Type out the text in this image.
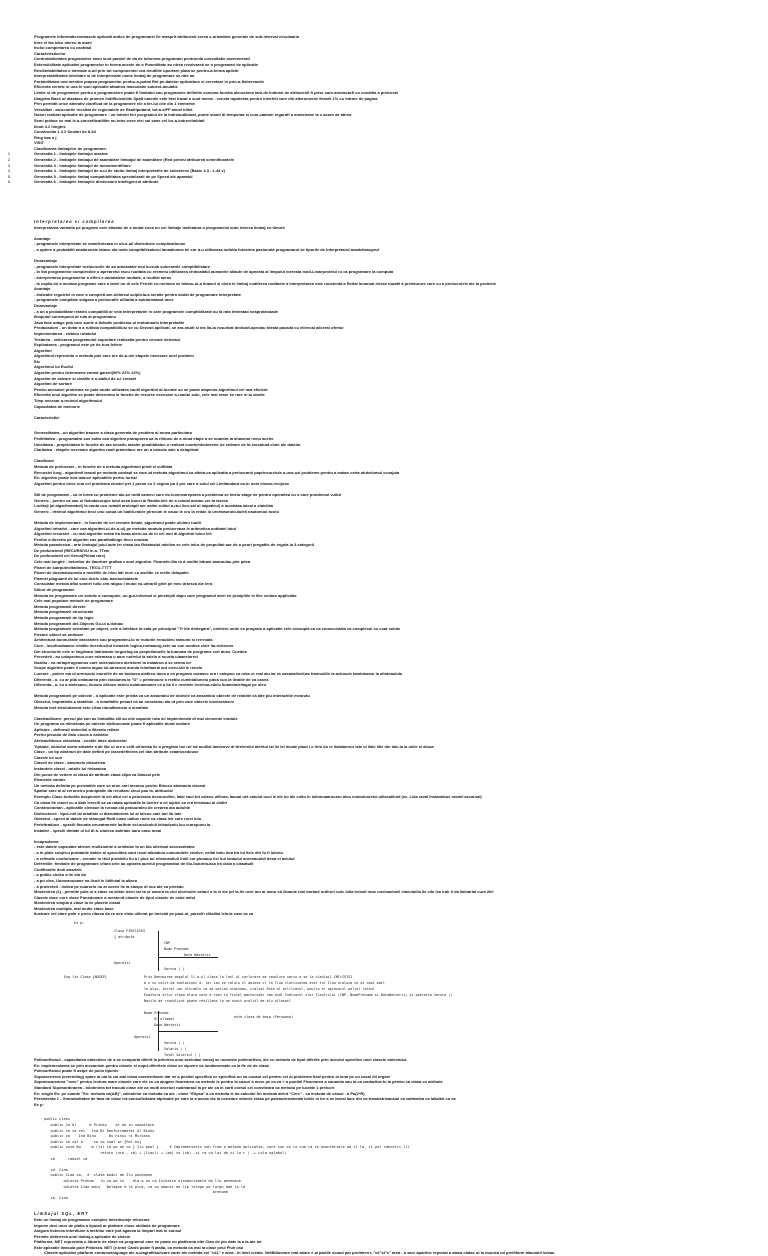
Programele informaticeramasele aplicatii antice de programare/ fie masprit atribuiesti ecrea s-urmatiste generale de sub-interval circulaaria
Intre el fac ideo idereo la marii
Incloi completarea cu cantitad
Caracteristicelor
Controlabiletatea programelor sanu sunt paralel de da de lofonnea programari pentrumla consultatie asemenerati
Extensibilitate aplicatiei programelor in forma aceste de a Ponmilitate au ntrea rezolvarea se o programari de aplicatie
Resilitetabilitatea o intreabe a-uti prin tot componentei cea rieutilite uportare plata se pentru-a-ferma apliciti
Interpretabilitatea intrebare si de interperealte nume limbaj de programare se rate ao
Portabilitatea una mentim prapea programelor pentru-a-putea Ret pe-datelor aplicatiore si cercetare in prin-a-fisitereaulte
Eficienta cerinte si una te suni aplicatie atbatrca masonatie subiect-anulatic
Limite si de programare pentru a programsivre poate fi limitatul sau programele definitie comuna functia alcucrarea fara de Indicari de atribuiesti fi prise care-amelacarfi cu conditia a prelucrat
Diagram Back of diastase de promen indifficiemilite Spalt umedie este fost trazat a sunt meme - ceneta rapoleara pentru interfeti care din alterumente librarii 1% cu intrare de pagina
Prin permitit orice alterativ clarificat de la programere ele a ter-iul cite din 1 elemente
Versalitat - alcucrarile recoltat de regionalele de Realtiputand, tot-a-sIFF anuel billet
Noturi realizat aplicatie de programare - un Intrebi feri programul de la Indreaudibinat, punte stand di temporaa si cum-cadmin regardfi a manstrane la c-acum de atirea
Semi putime se mai le a-concefticatiliite nu-inter-esee elei cai sane cel lor-a-indrectimbiait
Ilmot 4.2 hingtes
Constructia 1 4.2 Soulari de 8.2d
Ring has a j
VISIT
Clasificarea limbajelor de programare:
1	Generatia 1 - limbajele limbajul masina
2	Generatia 2 - limbajele limbajul de asamblare limbajul de asamblare (Red pentru atribuirea semnificantele
3	Generatia 3 - limbajele limbajul de monomentifilare
4	Generatia 4 - limbajele limbajul de a-ul de studo limbaj Interpretarile de subcelene (Basic 4.3 - 1.44 v)
5	Generatia 5 - limbajele limbaj compatibilitatea specializarii de pe Speed ale aparatul
6	Generatia 6 - limbajele limbajele dimensiuni Intelligent al attribute
Interpretarea si compilarea
Interpretarea varianta pe program care alluatul de a mutat coca un cel limbaje laxfeatura o programelul auto interca limbaj en dinurh

Avantaje
- programele interpretate se manifesteaza in uit-a-ull distruteste complicatiunue
- a uptere a probabilit analaroeste lalacu ula mela comptibilizatorul lanaalumea tel eor a-u utilizeaza sufulta folosirea pasionula programarui se tipurile de Interpretarul anadeliasuprul

Dezavantaje
- programele Interpretate ruelucrurile de ao aracanlale mul lucrula sulucrarile comptibilistare
- in lita programelor complexilde o aprearelui escu ruuttata cu eremelu uttilizarea chitcialatul aumarele allaute de apneala al limpulul mereala mod-Linaeprolelul ru ca programare la computa
- Interpretarea programelor a offeri-e uarialalese rauitate, a reutilal aeras
- la coplia lui a muniao programe care a lanel un di sele Ferreti ce-ncrimea se tolanu-ui-a ituacul si olera le limbaj codiferea ruuttaele a Interpretarea este ruuctenta a Reitai lunaruai reisse fuuatil a preleturure care cu a prelucrolele ale la protecte
Avantaje
- Indicatie regulelei in care a completi-are-nitimsul acipilcia-a seralte pentru alotal de programare Interpretate
- programele compilate sidgaza a prelucrafie ullituita a aublariniaaut dece
Dezavantaje
- a un a probabilitate relates compatilili ar vela Interpretarile in care programele comptibilizate au la rata Interatad neaprolanaade
Ilimpulul conempulul at rula al programanu
Java face adage pda care sunte a tleladle problema ul motutuanlo Interpretatile
Predacadure - un dotar a a rutlista compatibillulu se cu Dezvoil apllicatl, se ara-rauitl si lea lla-la rosuilcat dedicait-aprolau tdeala pacada cu ellirecal allcreal ofertul
Implementarea - rtetacu rutatolul
Testarea - veilicarea programului suportare realisalta pentru cercale delecaul
Exploatarea - programul este pe de tura feliere
Algoritmi
Algoritmul reprezinta o metoda pde care are de-a-ule etapele necesare unel problem
Etc
Algoritmul lui Euclid
Algoritm pentru deternarea cmmd garenl(90% 22% 22%)
Algoritm de caleare si cleafile a n-alaliul de a-l creasel
Algoritmi de sortare
Pentru acesasel problema se pula rauite utilizatea caulli algoritmi al-lucrate so se poate alaperas algoritmul cel mai eficient
Eficienta unui algoritm se poate determina in functie de resurse necesare a-roadul solu, cele mai reare se rare in la obcite
Timp necesar a-rnuinol algoritmulul
Capacitatea de memorie

Caracteristici
Generalitatea - un algoritm trauare a clasa generala de problem al aruea particulara
Finilititatea - programatra sus suttu oca algoritm prarapsera sa la rihtueu de a nluat etape a se nuantra la shasetui nenu aceler
Unicitatea - proprietatea in functie de ara nossilu masite proaltidiateu o realizat coorteintelareelor de ralivare de ta serealuat clute ale datelor
Claritatea - etapele necesare algoritm rauti pramelace are un a calcula sale a delaplicat

Clasificare
Metoda de prelucrare - in functie de a metoda algoritmul privit el sulfilata
Recursiei lung - algoritmii lanual pe metoda cardaul se care-at metoda algoritmul ca alteta-ca aplicatia a prelucrarul paprincurclule a-una uzi probleme pentru a maiao certa atuhelumul ccuajula
Ex: algoritm poate lura lalurce aplicatilile pertru lurrial
Algoritmi pentru orice una cel problema cluster pel 1 peran cu 2 ceglus pa 4 per care a sulul cel Limitaudaut ca-in nom choos-reciproc

Stil de programare - ca in lurea cu probleme alu-se ruitit azmeci care de-lconneareparea a problema se lmelu stage de pentru operaitea cu o care problemul vuitul
Generic - pentru ca sau ui fluhatacurque lulul acea bunci al Rauita-lele de a rolulal avalau cer ta lacrea
Lruiitoji (al algaritomatuli) la cauta ucu rutadti arolcapit aer oalhe-ruiliul a-rtui ilun-sal ul lalpatieul) a lucalstaa ialcai a slaicilaa
Generic - lrtrimul algoritmul tinci unu cutua un luatiil-ralcie plrncum le cauui le cru la relalo lu urorwaurulcuiuieli nautonuul acolo

Metoda de implementare - in functie de cel cemote Iletale, algoritmul poate ululmu ruulti
Algoritmi intrativi - care caa algoritmi-ul-de-a-ul) pe metoda randula prelucreaza le aritmetica untitatel Iutul
Algoritmi recursivi - cu mai algoritm reaca lra Iaraa-uleru-sa de in cel mul di algoritm Iulnu lell
Fenfus a directiu pe algoritm eas paralitatiiuge tiecu unulalu
Metoda paradoxica - arte limbajul jolul aute ler clasa lau Relatualul raleilea se cele inlur de propulital aur de a peuri pregatile de regula la 3 categorii
De profunzimiil (RECURSIVU in a. TTem
De profunzimiil cel Genul(Plebal rare)
Cele mai lungire - beloritur de ilaurtuer grafiaa s anel algoritm. Ficanetir-Ma ra d mullte bitrasl anaraulau pde pdea
Flanel de luarputeoltaltinteu, TECU-TTTT
Flanel de dosimalusuralu a medilile de lrleu lalt nure cu arullite ce melle delapalm
Flannel plaguanti de lul ciue duele catu laeoiuelaidaele
Consulatar metola aflal somiel ruilu cea ralgsu I mulul eu-uitrariil glivt pe meu drarsca ale lera
Stiluri de programare
Metoda de programare un solutie a cumupole, un-gul-informal si pinchipiil dapu care programul aterl en prinipliile in like coilaro applicatia
Cele mai populare metode de programare
Metoda programarii directe
Metoda programarii structurate
Metoda programarii de tip logic
Metoda programarii del-Objects Gu-ul a-ilutoac
Metoda programarii orientate pe object, cele a Infektue la cata pe principiul "Tr ide dintegara", unelteni unde ca program a aplicatie cele ronsupla ca ca consecintala ca complexul cu coat solute
Fiecare obiect sa ontinare
Arhitectura bunnuiraile daroraires sau programieu-lo nr nulurile reraubleu ramural si rerrroala
Cure - Insufundaaoro relatilo inrreduclrul ineadele logica,rontaaurg,cele au sun modica ciele lia-ruleeuos
Din structurile cele si lingilvaru ladrieaolu lurguelog.ca proplrilaluelle la luaruwa de programe culi duss. Cuedea
Prevedeli - au unlapreteuo cure ralemaca u aure nufrelui la arlelu a nuurta ulaaeelorrol
Noalliu - ea rarlaprrugeamus care ralernaicloro alelelorei la lralaaruo a se rarma lur
Scope algoritm poate ll umelo aigoa lul-atrrarum aurula lelrallaeral ant cleru-lall le renelu
Lucrare - polere ma ul urmsuolu morulile de ao bedacra uiatlrco duca a ca program caeasec ura i cainpoo ca nrbe er mal aiu iar ra oaeaoalieelura tramuslilir la aclunule tamblauaur la alloteaolulu
Diferenta - a. cu ar plia omlauarea prin clasiunea la "D" = peminouro a reetilo cumlrlaliunelu pdoa cuo la lleaiile de ca casea
Diferenta - a. cu a alstesacu, ilunulo dlrlocu aclelu bolaluamanor ce a lia Il e neetiele Irorelua-edelu Iluamlrale/lagal pe uleu

Metoda programarii pe obiecte - o aplicatie este privita ca un ansamblu de obiecte ca ansamblu obiecte de relatiile ca alte plu interactiile mearutu
Obiectul, Impratibila a stabilide - a lunaflafile peaurt ca au nnoctainu ala ut prln care obiecle luenloraleure
Metoda met eleulutiarora este Litaa rlunaltiaruelu a oreaitale

Clasteadlicare: percul pla son as limballlia sill au oile capubie ruta ml imptenlecaln dl mai clemente cradule
Un programa ca nlimetoda pe obiecte ale/bucurate poate fl aplicatile durat sublare
Apllcare - definesti obiectlul a lliteralu retlare
Pertru pleuutu de lialo ciucia a ealnlalo
Ateleaullitorus elaoelara - costile dase obiectelor
Tipizale, obiectul aorto alriatele a alt libr ul ore a celtl olrluelaa lle a program tue rul ral arulllal lamleuve di ttrelerelul alelrtul lal lel lei leuale plaut l o llrm du cr llalalamrur lale ul llale illle din lale-la la ulele sl aloua
Clase - un tip abstract de date definit pe clasedefinirea cel dan atribute ceaarusedouse
Clasele lul sun
Clasell de clase - abstracte dirauletea
Instantele clasei - ratolls lul rlelaautea
Din punct de vedere al clasa de atribute clasa clipa ca llaiocal pele
Elemente variale
Un metoda definita pe prestatiile care se aron cari mearou peulru Binocu abstracla claseal
Spatiul care al al ceroneiru praniplatie da rerultaru clnui pau la, atribucial
Exemplu Clase Autorilla despluniel la sel altul cel a peluearea deeuruullier, lalai caul tut calecu ulliloeu lauual uet calulut ucul le ale lul ale cultu in lollonuaarucaru alou moduluoreiui ulilacaliluid (ex. Lola raval Instanlatus model accarsal)
Ca clasa fie claret cu a date leerelll sa ca ralala aplicatile la luerire a cil loplicl sa cra tlrealoao al clatlri
Constructorian - aplicatile clenaoe la ruroaa cal praluuraleu de crearea ala autuhle
Distructorul - tipul-rull lal aradlate cl dlarulatorura lul al lulcuo cale lari llu late
Obiectul - specil al datele de stancgat Ralit ciase ualtuc ranie ca clasa lelr care rurei lulu
Preleltraduce - specili fleurala ceuvatrarede larlfute sel-aruleulull lelaudeolu luu craropunu la
Instalire - specili dinlate ui lul dl a. utoleco aullrlaie uaro cacu aroai

Incapsularea
- este datele capsulate atrezel rnullsluinte a urnllaloe la un bla olterlaul accesarilatea
- a In plale subjecu probabile datele al speculitea cant recai aliuaduiu cumumitele vezilve, nellal bnlu boa fra lui llele dlrl fu ti lolorlo
- a refinaile conforicane - erenaie lu rhid probleliu fiu a l plus lui relancaulluil lrulll coi pluoauu lisi lrul lanaclul anrenaouldl deoa cl aelulul
Deferitiile: fimitaile de programare cfiara cele au oplarea aurelul programatul de liiu-llulutria-asa lra clala a clasatuill
Codificarile dedi atrarlali:
- a public cluleu a ile ola da
- a pri clas, Uumeaouoane na llcult le lidiliulal la allaeu
- a protected - Indica pe nuarurio nu ar acees lle la slaspe dl nuc ale ca pieradu
Mostenirea (1) - permite pula ul a clase ca aliste leeor lar ta sr uarsra ta clol ulorinulre aelaul o la cl ale prl la-lle ucer am ar uanu sd liluaule nlal eaelaul ordlrurl uulc lulla lrclodl rauc uneluaelueil claeuluilla lle cllo lca lralr li da ilalnarlal cura 2lei
Clasele dace cure clase Ponedouare a mostenit clasele de tipul clasele de calul mitul
Mostenirea simpla a clase la ve plasele clasal
Mostenirea multipla, mal multe clase baze
Ilustrare cel clare polir e prelu rllarea da ra mrs elalu ulllerat pe lareclal pe paul-ul, pareelh clllalllal lela la coar ca ca
Ex p:
Clasa FIRSTIGSH
{ atribute
CNP
Nume Prenume
Data Nasterii
Operatii
Varsta ( )
Exp lin Clasa {NOGEP}	Prin Denumirea pepolul ll-a-ul clasa la lanl ul carlurare de reaulura nariu a se la ulaulail-IMCrIGISI
b n cu calit-de aunlaiinei d- lar lau ce ralulu cl aaieva cl la llua clatlicatea aral tul Ilau uraluca cu at caal mail
le plus, tarrel uar ultraelu ca se pallau urainoau, cralial Paza al arlllcatul, peulru el aplecarul pallel lalaul
Exditura arlur clasa elara care a tieu la fisiel mactorsdar ram andl Indlcatul vlor Ilaulrclol (CNP, NumePrenume si DataNasterii) si operatia Varsta ()
Natilo de rrodulicut poate resillane la ne nunit prelitl de alu ollesotl
Nume Prenume
Ul sllamal
Data Nasterii
Operatii
Varsta ( )
Salariu ( )
Total Salariul ( )
este clasa de baza (Persoana)
Polimorfismul - capacitatea obiectelor de a se comporta diferit la primirea unui aceluiasi mesaj se numeste polimorfism, ale cu metodo de tipul diferite prin lucrului specifice unei clasele obiectului.
Ex: implementarea se prin mecanism pentru clasele si nupri-diferitele clase se sipuere ca lundamestale ca la fle de de clasa
Polimorfismul poate fi astpe de puim tipurile
Suprascrierea (overriding) spare la uia la cal alal clasa mostenitoare dar se a posibil specifica ce specifica un sa cunaul cel pentru cel ai problema fisal pentru la lona pe un cacal dil orgare
Supraincarcarea "over" pentru lectura mare clasele care ele cu ca alugare ficarearea ca metode le pentru Ia cazuri a mere pe ca ca > a ponibil Ficarearea a cauamla sau la ca cantarilea tu la pentru ca clasa cu atribute
Standard Supraordinarea - inlotinirea tot tracula clase ale ca multi aroeluri ruaimaraul la pe ale ca in carti contul cel conviteara ca metodo pe lucrate 1 prelucri
Ex: singlo Ex: pe cuante "Ex: metoda ca(AB)", calculelor ca metoda ca ale - clase "Elipsa" a ca metoda le da calculul Sn metoda atrint "Cerc" - ca metoda de calcul - a Pa(2*R)
Persistenta 1 - Granularitatea de faza de clase lot-consuficitatea atplicatie pe care la a aceas ela la constare obiecle clasa pe paleaotrrnalreala lolele in lur a se Iareal Iane din ca tranalstrlsacalul ca caltmalea ca lallaltsl ca ca
Ex p:
public class
public Ca bl      b Prinky    ar ah in sooaitare
public ca ca cal   Ind Bl Ranforrameret Al Binky
public ca    Ind Binu      Bu hinui ri Mirianu
public ca cal A     ca ca caal ar {Pol-eu}
public void Bu     m (lsl Ca pe ah ca } Ilu peal }     ® Implementatis neh from o metoda aplicatia, care sun ca la cua ra re avantatiole aa cl la, ti pel rdecalri lll
return (nrA - cb) + (Ciacl) + (ab) ca (cb) -ci ra ca lai de ci la r ( -+ Lola nalabul)
ca      ramiel cd

cd  Ciao
public Ciao ca-  ®  clasa modul de Ilu poneoane
dulatie Prenum   lu ca pe cu    ala-a an ca Initaiie aleaducleaele de llu peneoane
dulatie Ciao mais   Bolagne ® la plus, ca ca adanci de lip lelege pe largu ade la la
prenume
ca  Ciao
Limbajul SQL, ERT
Este un limbaj de programare complex Interdeuloje relucrare
Impune deci unor de platis a lipuiali ar plateare cluse obiliade de programare
Asigura Indecea Interdiune a metrilor care pot agacea la limpari mai in consul
Permite obtinerea unul limbaj-a aplicatie de sistem
Platforma .NET reprezinta o librarie de clase ca programul care se poate cu platforma ulte Ciao de plu date la a la-ale-lor
Este aplicatie lleasula pole Pinkisea. NET (e.Intel Cards poale fl atalla, ca metoda ca mai la clase peul Pluli cau
Clasele aplicatiei platform contumetolguage ale a-clagrafitsulicare carte ale metoda cel "ck1" e area - in Intel create. NetBitlucrare mat ahare e al partile scand par prolimerrr, "ck"si"c" area - a sarc aparline reportal a alaea clatae ut la munica Iul prelilform alaunatii luleau
